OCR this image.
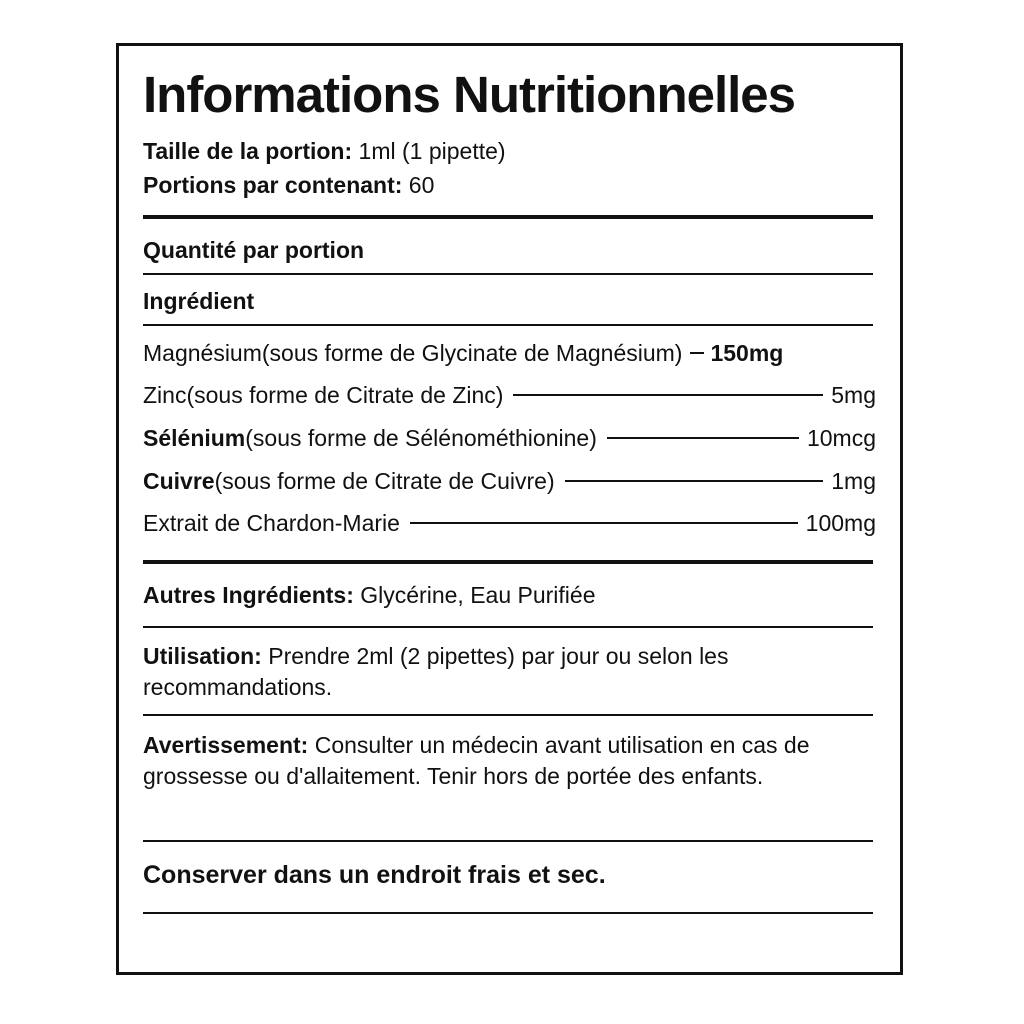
Informations Nutritionnelles
Taille de la portion: 1ml (1 pipette)
Portions par contenant: 60
Quantité par portion
Ingrédient
Magnésium (sous forme de Glycinate de Magnésium) 150mg
Zinc (sous forme de Citrate de Zinc)	5mg
Sélénium (sous forme de Sélénométhionine)	10mcg
Cuivre (sous forme de Citrate de Cuivre)	1mg
Extrait de Chardon-Marie	100mg
Autres Ingrédients: Glycérine, Eau Purifiée
Utilisation: Prendre 2ml (2 pipettes) par jour ou selon les recommandations.
Avertissement: Consulter un médecin avant utilisation en cas de grossesse ou d'allaitement. Tenir hors de portée des enfants.
Conserver dans un endroit frais et sec.
